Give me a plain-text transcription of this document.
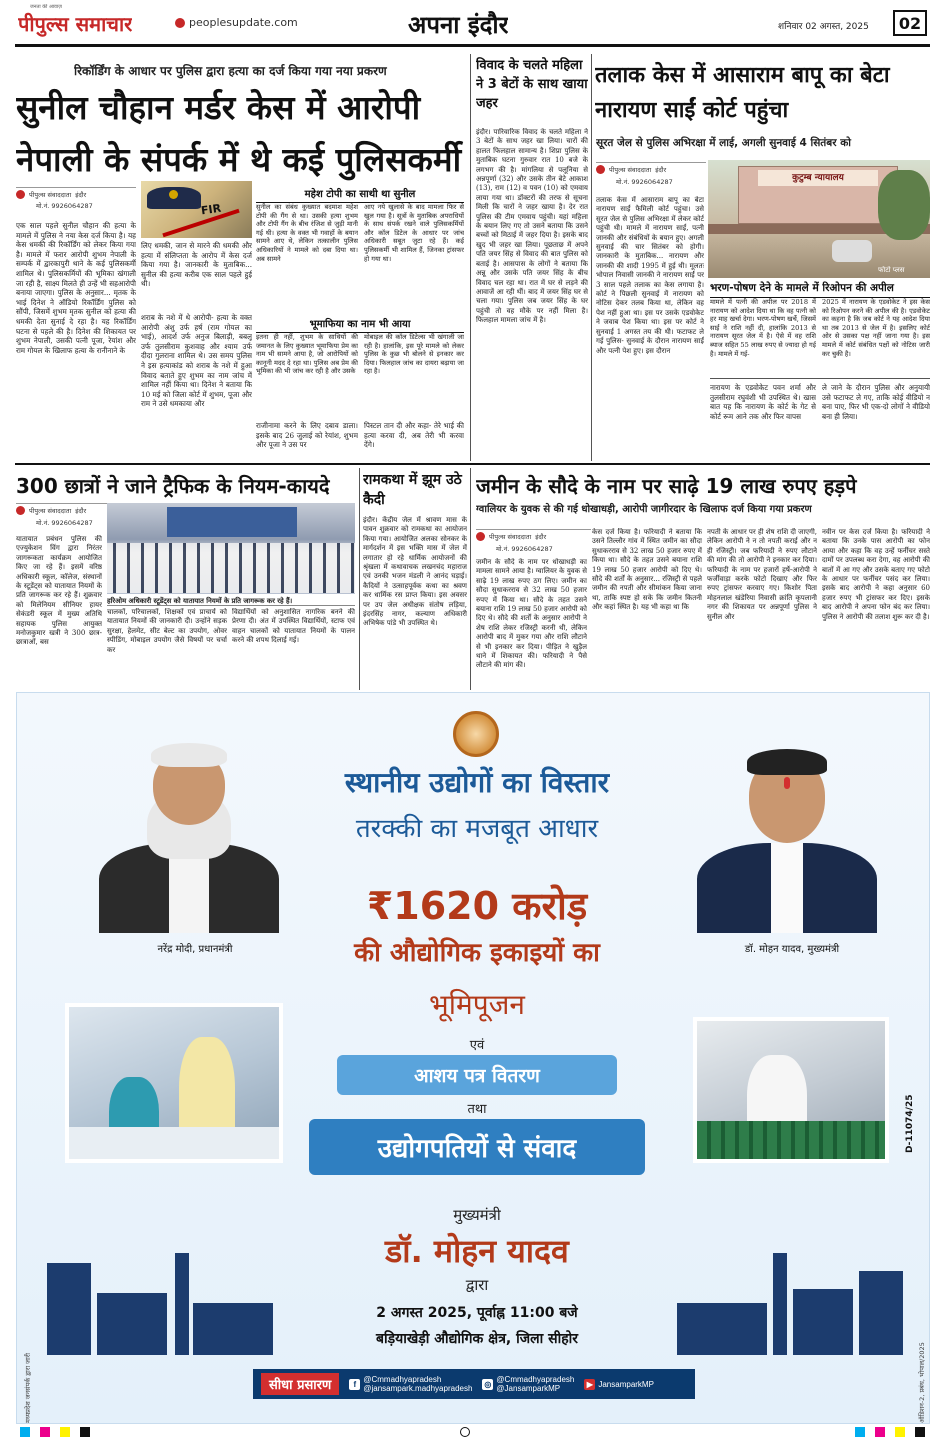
जनता की आवाज़
पीपुल्स समाचार	peoplesupdate.com	अपना इंदौर	शनिवार 02 अगस्त, 2025 02
रिकॉर्डिंग के आधार पर पुलिस द्वारा हत्या का दर्ज किया गया नया प्रकरण
सुनील चौहान मर्डर केस में आरोपी नेपाली के संपर्क में थे कई पुलिसकर्मी
पीपुल्स संवाददाता इंदौर
मो.नं. 9926064287	FIR
एक साल पहले सुनील चौहान की हत्या के मामले में पुलिस ने नया केस दर्ज किया है। यह केस धमकी की रिकॉर्डिंग को लेकर किया गया है। मामले में फरार आरोपी शुभम नेपाली के सम्पर्क में द्वारकापुरी थाने के कई पुलिसकर्मी शामिल थे। पुलिसकर्मियों की भूमिका खंगाली जा रही है, साक्ष्य मिलते ही उन्हें भी सहआरोपी बनाया जाएगा। पुलिस के अनुसार... मृतक के भाई दिनेश ने ऑडियो रिकॉर्डिंग पुलिस को सौंपी, जिसमें शुभम मृतक सुनील को हत्या की धमकी देता सुनाई दे रहा है। यह रिकॉर्डिंग घटना से पहले की है। दिनेश की शिकायत पर शुभम नेपाली, उसकी पत्नी पूजा, रेयांश और राम गोयल के खिलाफ हत्या के रानीनाने के
लिए धमकी, जान से मारने की धमकी और हत्या में संलिप्तता के आरोप में केस दर्ज किया गया है। जानकारी के मुताबिक... सुनील की हत्या करीब एक साल पहले हुई थी।
महेश टोपी का साथी था सुनील
सुनील का संबंध कुख्यात बदमाश महेश टोपी की गैंग से था। उसकी हत्या शुभम और टोपी गैंग के बीच रंजिश से जुड़ी मानी गई थी। हत्या के वक्त भी गवाहों के बयान सामने आए थे, लेकिन तत्कालीन पुलिस अधिकारियों ने मामले को दबा दिया था। अब सामने
आए नये खुलासे के बाद मामला फिर से खुल गया है। सूत्रों के मुताबिक अपराधियों के साथ संपर्क रखने वाले पुलिसकर्मियों और कॉल डिटेल के आधार पर जांच अधिकारी सबूत जुटा रहे हैं। कई पुलिसकर्मी भी शामिल हैं, जिनका ट्रांसफर हो गया था।
शराब के नशे में थे आरोपी- हत्या के वक्त आरोपी अंशु उर्फ हर्ष (राम गोयल का भाई), आदर्श उर्फ अनुज बिलाड़ी, बबलू उर्फ तुलसीराम कुशवाह और श्याम उर्फ दीदा गुलराना शामिल थे। उस समय पुलिस ने इस हत्याकांड को शराब के नशे में हुआ विवाद बताते हुए शुभम का नाम जांच में शामिल नहीं किया था। दिनेश ने बताया कि 10 मई को जिला कोर्ट में शुभम, पूजा और राम ने उसे धमकाया और
भूमाफिया का नाम भी आया
इतना ही नहीं, शुभम के साथियों की जमानत के लिए कुख्यात भूमाफिया प्रेम का नाम भी सामने आया है, जो आरोपियों को कानूनी मदद दे रहा था। पुलिस अब प्रेम की भूमिका की भी जांच कर रही है और उसके
मोबाइल की कॉल डिटेल्स भी खंगाली जा रही है। हालांकि, इस पूरे मामले को लेकर पुलिस के कुछ भी बोलने से इनकार कर दिया। फिलहाल जांच का दायरा बढ़ाया जा रहा है।
राजीनामा करने के लिए दबाव डाला। इसके बाद 26 जुलाई को रेयांश, शुभम और पूजा ने उस पर
पिस्टल तान दी और कहा- तेरे भाई की हत्या करवा दी, अब तेरी भी करवा देंगे।
विवाद के चलते महिला ने 3 बेटों के साथ खाया जहर
इंदौर। पारिवारिक विवाद के चलते महिला ने 3 बेटों के साथ जहर खा लिया। चारों की हालत फिलहाल सामान्य है। शिप्रा पुलिस के मुताबिक घटना गुरुवार रात 10 बजे के लगभग की है। मांगलिया से पलूनिया से अन्नपूर्णा (32) और उसके तीन बेटे आकाश (13), राम (12) व पवन (10) को एमवाय लाया गया था। डॉक्टरों की तरफ से सूचना मिली कि चारों ने जहर खाया है। देर रात पुलिस की टीम एमवाय पहुंची। यहां महिला के बयान लिए गए तो उसने बताया कि उसने बच्चों को मिठाई में जहर दिया है। इसके बाद खुद भी जहर खा लिया। पूछताछ में अपने पति जयर सिंह से विवाद की बात पुलिस को बताई है। आसपास के लोगों ने बताया कि अन्नू और उसके पति जयर सिंह के बीच विवाद चल रहा था। रात में घर से लड़ने की आवाजें आ रही थीं। बाद में जयर सिंह घर से चला गया। पुलिस जब जयर सिंह के घर पहुंची तो वह मौके पर नहीं मिला है। फिलहाल मामला जांच में है।
तलाक केस में आसाराम बापू का बेटा नारायण साईं कोर्ट पहुंचा
सूरत जेल से पुलिस अभिरक्षा में लाई, अगली सुनवाई 4 सितंबर को
पीपुल्स संवाददाता इंदौर
मो.नं. 9926064287	कुटुम्ब न्यायालय
फोटो प्लस
तलाक केस में आसाराम बापू का बेटा नारायण साईं फैमिली कोर्ट पहुंचा। उसे सूरत जेल से पुलिस अभिरक्षा में लेकर कोर्ट पहुंची थी। मामले में नारायण साईं, पत्नी जानकी और संबंधियों के बयान हुए। अगली सुनवाई की चार सितंबर को होगी। जानकारी के मुताबिक... नारायण और जानकी की शादी 1995 में हुई थी। मूलतः भोपाल निवासी जानकी ने नारायण साईं पर 3 साल पहले तलाक का केस लगाया है। कोर्ट ने पिछली सुनवाई में नारायण को नोटिस देकर तलब किया था, लेकिन वह पेश नहीं हुआ था। इस पर उसके एडवोकेट ने जवाब पेश किया था। इस पर कोर्ट ने सुनवाई 1 अगस्त तय की थी। फटाफट ले गई पुलिस- सुनवाई के दौरान नारायण साईं और पत्नी पेश हुए। इस दौरान
भरण-पोषण देने के मामले में रिओपन की अपील
मामले में पत्नी की अपील पर 2018 में नारायण को आदेश दिया था कि वह पत्नी को हर माह खर्चा देगा। भरण-पोषण खर्चे, जिसमें साईं ने राशि नहीं दी, हालांकि 2013 से नारायण सूरत जेल में है। ऐसे में वह राशि ब्याज सहित 55 लाख रुपए से ज्यादा हो गई है। मामले में गई-
2025 में नारायण के एडवोकेट ने इस केस को रिओपन करने की अपील की है। एडवोकेट का कहना है कि जब कोर्ट ने यह आदेश दिया था तब 2013 से जेल में है। इसलिए कोर्ट ओर से उसका पक्ष नहीं जाना गया है। इस मामले में कोर्ट संबंधित पक्षों को नोटिस जारी कर चुकी है।
नारायण के एडवोकेट पवन शर्मा और तुलसीराम रघुवंशी भी उपस्थित थे। खास बात यह कि नारायण के कोर्ट के गेट से कोर्ट रूम आने तक और फिर वापस
ले जाने के दौरान पुलिस और अनुयायी उसे फटाफट ले गए, ताकि कोई वीडियो न बना पाए, फिर भी एक-दो लोगों ने वीडियो बना ही लिया।
300 छात्रों ने जाने ट्रैफिक के नियम-कायदे
पीपुल्स संवाददाता इंदौर
मो.नं. 9926064287
हरिओम अधिकारी स्टूडेंट्स को यातायात नियमों के प्रति जागरूक कर रहे हैं।
यातायात प्रबंधन पुलिस की एज्युकेशन विंग द्वारा निरंतर जागरूकता कार्यक्रम आयोजित किए जा रहे हैं। इसमें वरिष्ठ अधिकारी स्कूल, कॉलेज, संस्थानों के स्टूडेंट्स को यातायात नियमों के प्रति जागरूक कर रहे हैं। शुक्रवार को मिलेनियम सीनियर हायर सेकंडरी स्कूल में मुख्य अतिथि सहायक पुलिस आयुक्त मनोजकुमार खत्री ने 300 छात्र-छात्राओं, बस
चालकों, परिचालकों, शिक्षकों एवं प्राचार्य को यातायात नियमों की जानकारी दी। उन्होंने सड़क सुरक्षा, हेलमेट, सीट बेल्ट का उपयोग, ओवर स्पीडिंग, मोबाइल उपयोग जैसे विषयों पर चर्चा कर
विद्यार्थियों को अनुशासित नागरिक बनने की प्रेरणा दी। अंत में उपस्थित विद्यार्थियों, स्टाफ एवं वाहन चालकों को यातायात नियमों के पालन करने की शपथ दिलाई गई।
रामकथा में झूम उठे कैदी
इंदौर। केंद्रीय जेल में श्रावण मास के पावन शुक्रवार को रामकथा का आयोजन किया गया। आयोजित अलका सोनकर के मार्गदर्शन में इस भक्ति मास में जेल में लगातार हो रहे धार्मिक आयोजनों की श्रृंखला में कथावाचक लखनचंद महाराज एवं उनकी भजन मंडली ने आनंद घड़ाई। कैदियों ने उत्साहपूर्वक कथा का श्रवण कर धार्मिक रस प्राप्त किया। इस अवसर पर उप जेल अधीक्षक संतोष लड़िया, इंदरसिंह नागर, कल्याण अधिकारी अभिषेक पांडे भी उपस्थित थे।
जमीन के सौदे के नाम पर साढ़े 19 लाख रुपए हड़पे
ग्वालियर के युवक से की गई धोखाधड़ी, आरोपी जागीरदार के खिलाफ दर्ज किया गया प्रकरण
पीपुल्स संवाददाता इंदौर
मो.नं. 9926064287
जमीन के सौदे के नाम पर धोखाधड़ी का मामला सामने आया है। ग्वालियर के युवक से साढ़े 19 लाख रुपए ठग लिए। जमीन का सौदा सुधाकरराव से 32 लाख 50 हजार रुपए में किया था। सौदे के तहत उसने बयाना राशि 19 लाख 50 हजार आरोपी को दिए थे। सौदे की शर्तों के अनुसार आरोपी ने शेष राशि लेकर रजिस्ट्री करनी थी, लेकिन आरोपी बाद में मुकर गया और राशि लौटाने से भी इनकार कर दिया। पीड़ित ने खुड़ैल थाने में शिकायत की। फरियादी ने पैसे लौटाने की मांग की।
केस दर्ज किया है। फरियादी ने बताया कि उसने तिल्लौर गांव में स्थित जमीन का सौदा सुधाकरराव से 32 लाख 50 हजार रुपए में किया था। सौदे के तहत उसने बयाना राशि 19 लाख 50 हजार आरोपी को दिए थे। सौदे की शर्तों के अनुसार... रजिस्ट्री से पहले जमीन की नपती और सीमांकन किया जाना था, ताकि स्पष्ट हो सके कि जमीन कितनी और कहां स्थित है। यह भी कहा था कि
नपती के आधार पर ही शेष राशि दी जाएगी, लेकिन आरोपी ने न तो नपती कराई और न ही रजिस्ट्री। जब फरियादी ने रुपए लौटाने की मांग की तो आरोपी ने इनकार कर दिया। फरियादी के नाम पर हजारों हर्षे-आरोपी ने फर्जीवाड़ा करके फोटो दिखाए और फिर रुपए ट्रांसफर करवाए गए। किशोर पिता मोहनलाल खंडेरिया निवासी क्रांति कृपलानी नगर की शिकायत पर अन्नपूर्णा पुलिस ने सुनील और
नवीन पर केस दर्ज किया है। फरियादी ने बताया कि उनके पास आरोपी का फोन आया और कहा कि वह उन्हें फर्नीचर सस्ते दामों पर उपलब्ध करा देगा, वह आरोपी की बातों में आ गए और उसके बताए गए फोटो के आधार पर फर्नीचर पसंद कर लिया। इसके बाद आरोपी ने कहा अनुसार 60 हजार रुपए भी ट्रांसफर कर दिए। इसके बाद आरोपी ने अपना फोन बंद कर लिया। पुलिस ने आरोपी की तलाश शुरू कर दी है।
नरेंद्र मोदी, प्रधानमंत्री	डॉ. मोहन यादव, मुख्यमंत्री
स्थानीय उद्योगों का विस्तार
तरक्की का मजबूत आधार
₹1620 करोड़
की औद्योगिक इकाइयों का
भूमिपूजन
एवं
आशय पत्र वितरण
तथा
उद्योगपतियों से संवाद	D-11074/25
मध्यप्रदेश जनसंपर्क द्वारा जारी	ऑडिशन-2, प्रबंध, भोपाल/2025
मुख्यमंत्री
डॉ. मोहन यादव
द्वारा
2 अगस्त 2025, पूर्वाह्न 11:00 बजे
बड़ियाखेड़ी औद्योगिक क्षेत्र, जिला सीहोर
सीधा प्रसारण	f @Cmmadhyapradesh
@jansampark.madhyapradesh ◎ @Cmmadhyapradesh
@JansamparkMP	▶ JansamparkMP
